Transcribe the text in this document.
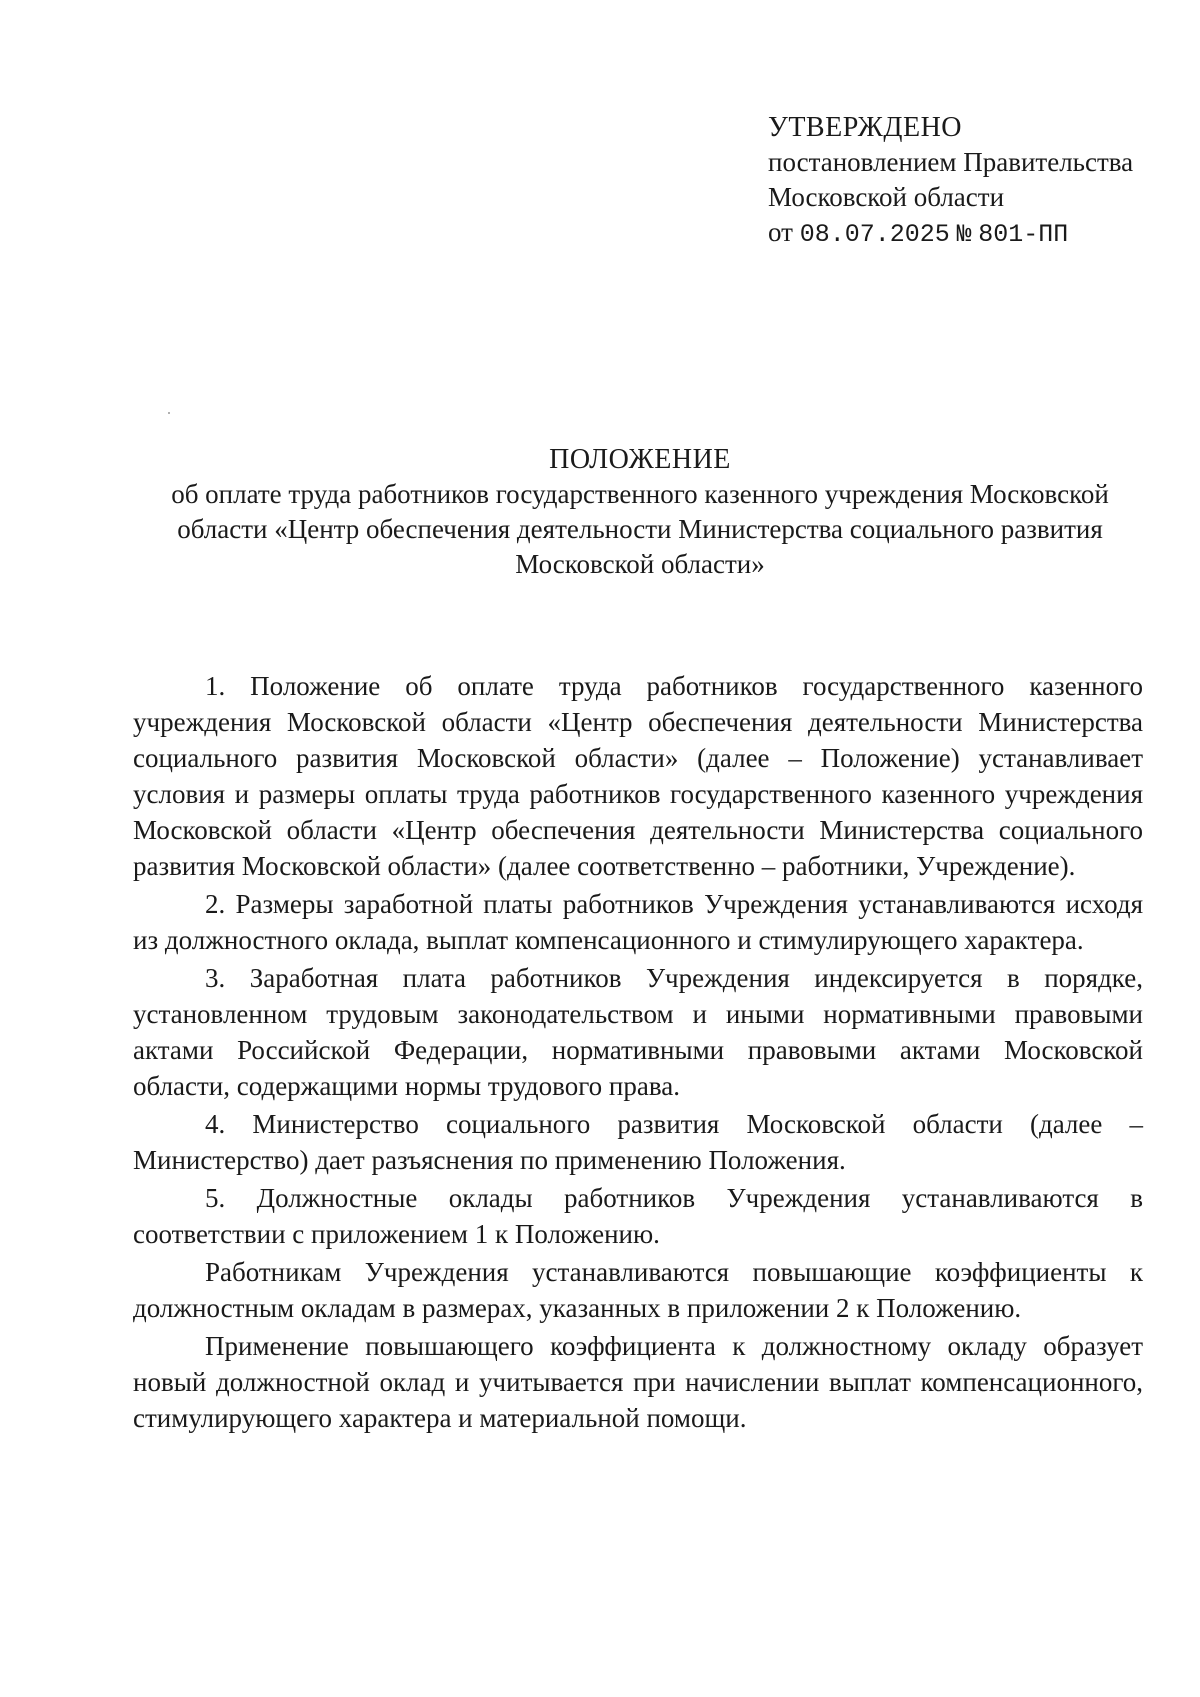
УТВЕРЖДЕНО
постановлением Правительства
Московской области
от 08.07.2025 № 801-ПП
ПОЛОЖЕНИЕ
об оплате труда работников государственного казенного учреждения Московской области «Центр обеспечения деятельности Министерства социального развития Московской области»

1. Положение об оплате труда работников государственного казенного учреждения Московской области «Центр обеспечения деятельности Министерства социального развития Московской области» (далее – Положение) устанавливает условия и размеры оплаты труда работников государственного казенного учреждения Московской области «Центр обеспечения деятельности Министерства социального развития Московской области» (далее соответственно – работники, Учреждение).

2. Размеры заработной платы работников Учреждения устанавливаются исходя из должностного оклада, выплат компенсационного и стимулирующего характера.

3. Заработная плата работников Учреждения индексируется в порядке, установленном трудовым законодательством и иными нормативными правовыми актами Российской Федерации, нормативными правовыми актами Московской области, содержащими нормы трудового права.

4. Министерство социального развития Московской области (далее – Министерство) дает разъяснения по применению Положения.

5. Должностные оклады работников Учреждения устанавливаются в соответствии с приложением 1 к Положению.

Работникам Учреждения устанавливаются повышающие коэффициенты к должностным окладам в размерах, указанных в приложении 2 к Положению.

Применение повышающего коэффициента к должностному окладу образует новый должностной оклад и учитывается при начислении выплат компенсационного, стимулирующего характера и материальной помощи.
